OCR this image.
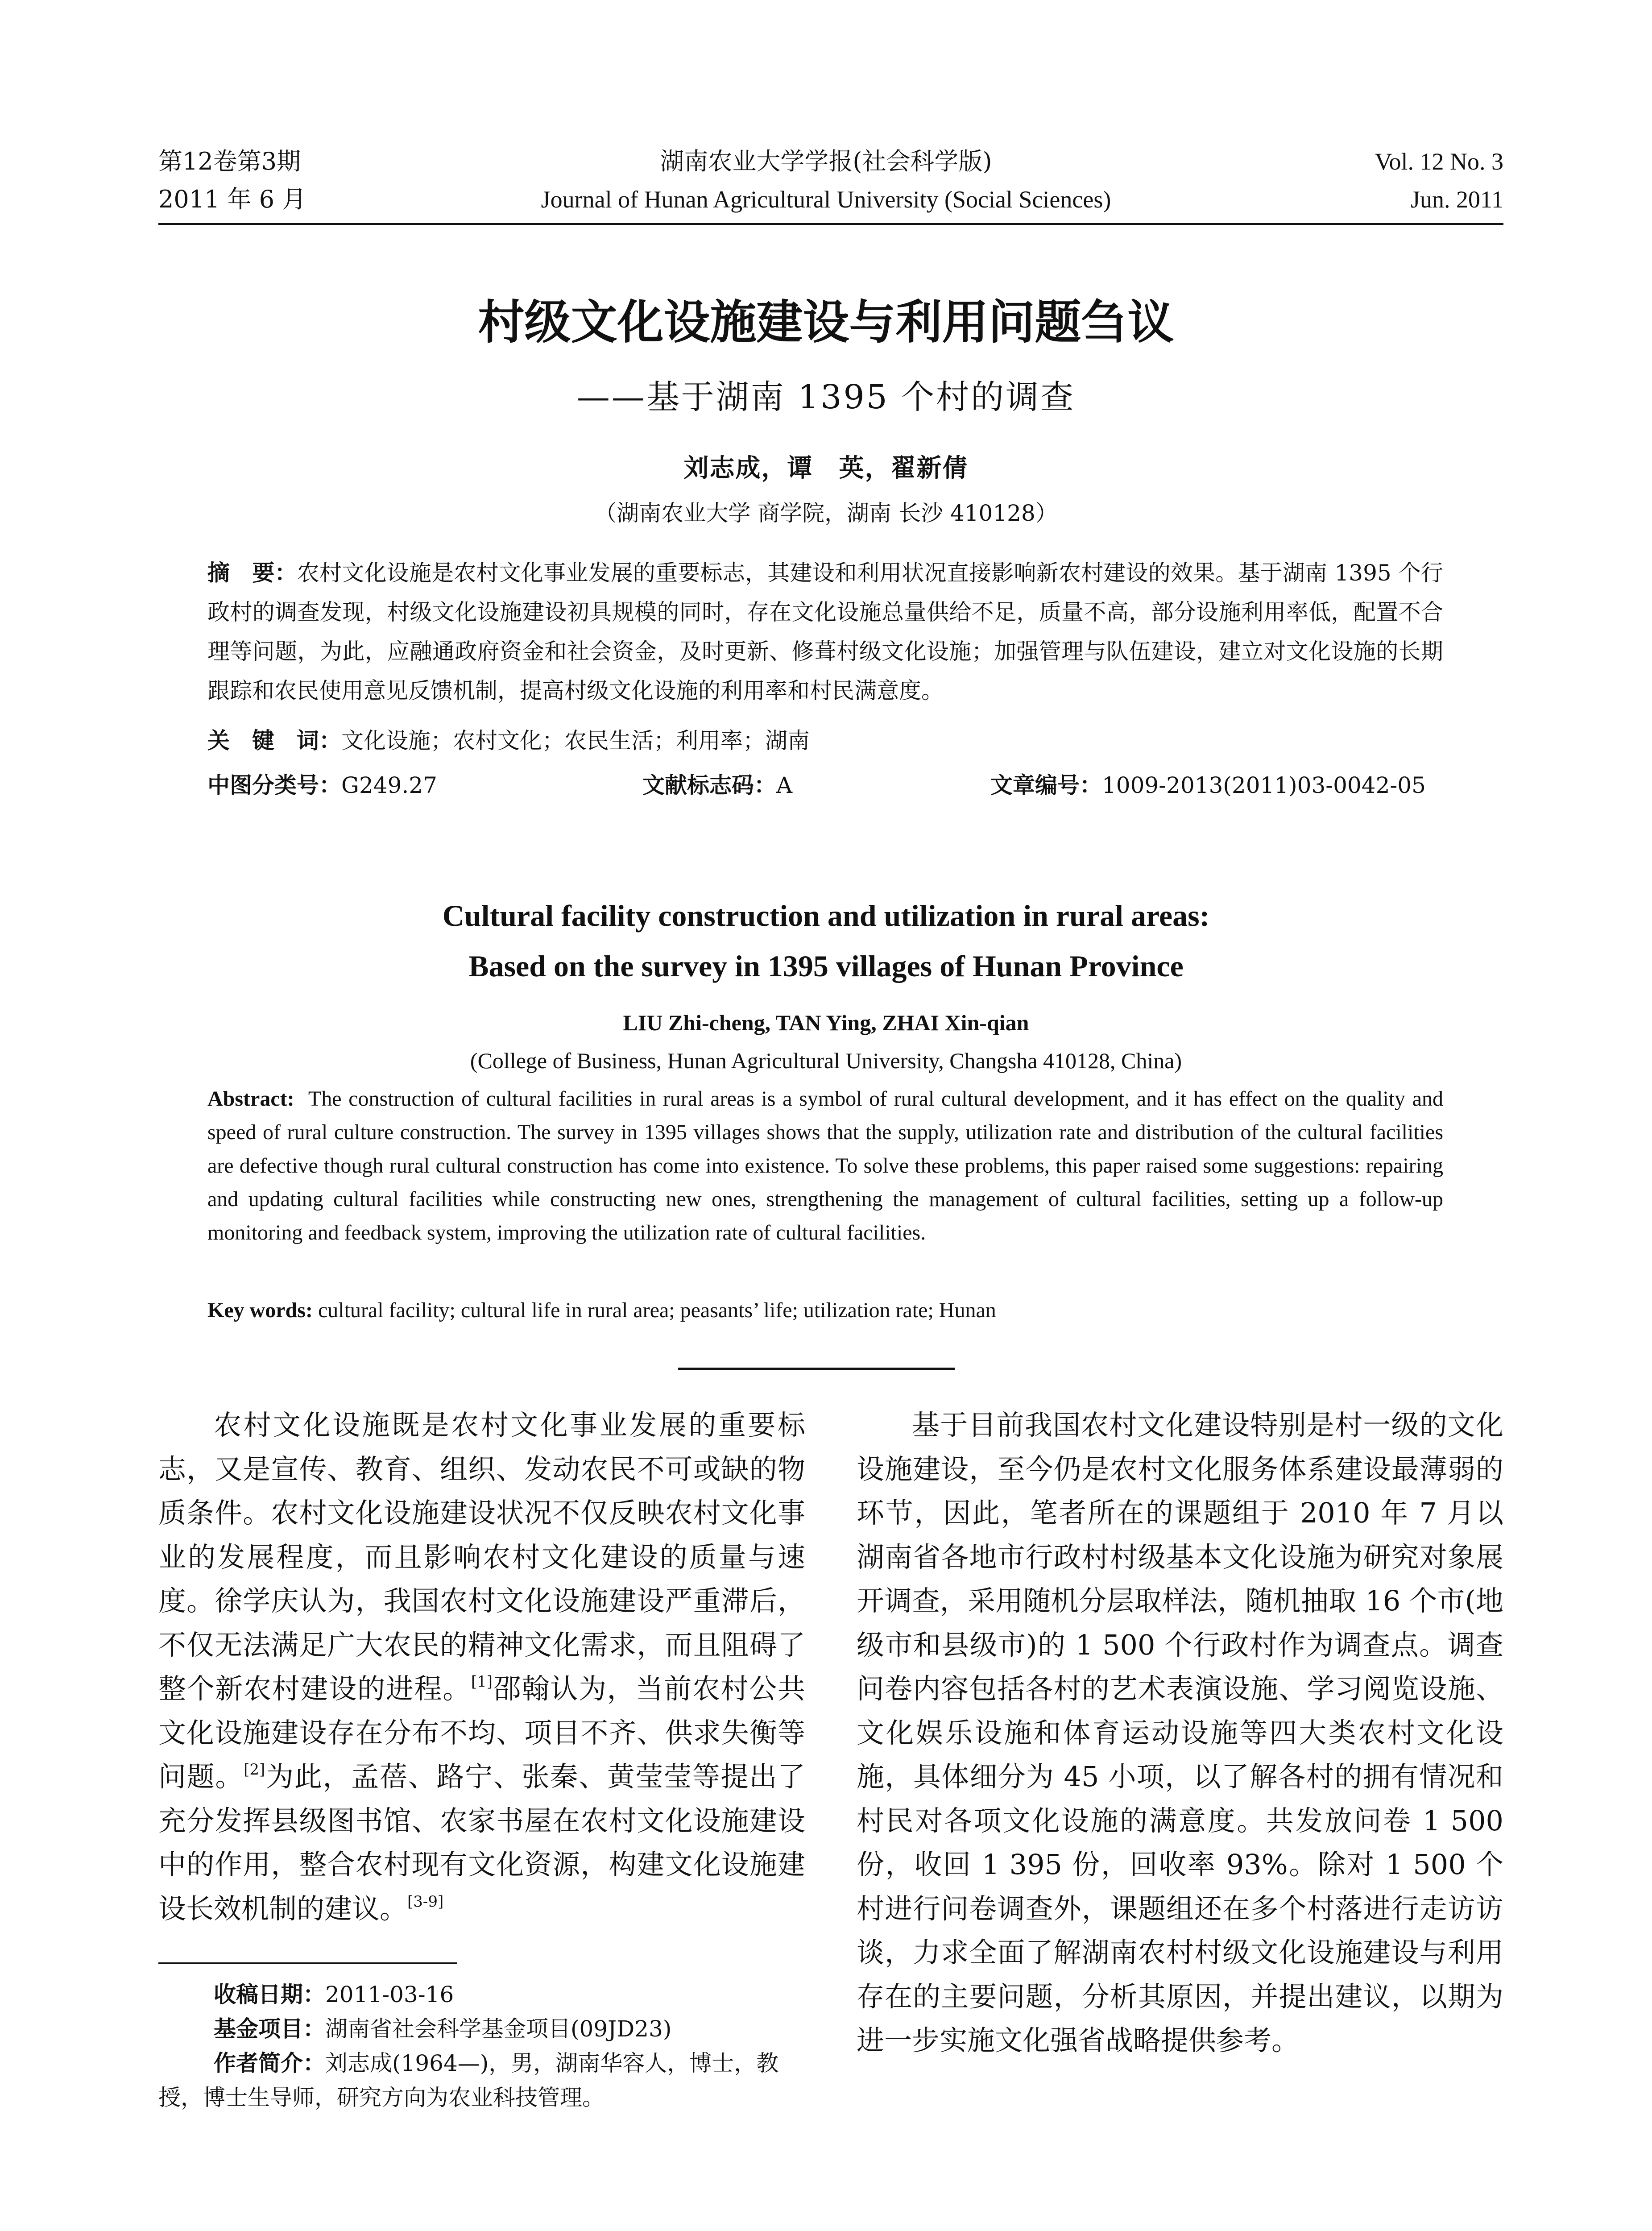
第12卷第3期
2011 年 6 月
湖南农业大学学报(社会科学版)
Journal of Hunan Agricultural University (Social Sciences)
Vol. 12 No. 3
Jun. 2011
村级文化设施建设与利用问题刍议
——基于湖南 1395 个村的调查
刘志成，谭　英，翟新倩
（湖南农业大学 商学院，湖南 长沙 410128）
摘　要：农村文化设施是农村文化事业发展的重要标志，其建设和利用状况直接影响新农村建设的效果。基于湖南 1395 个行政村的调查发现，村级文化设施建设初具规模的同时，存在文化设施总量供给不足，质量不高，部分设施利用率低，配置不合理等问题，为此，应融通政府资金和社会资金，及时更新、修葺村级文化设施；加强管理与队伍建设，建立对文化设施的长期跟踪和农民使用意见反馈机制，提高村级文化设施的利用率和村民满意度。
关　键　词：文化设施；农村文化；农民生活；利用率；湖南
中图分类号：G249.27	文献标志码：A	文章编号：1009-2013(2011)03-0042-05
Cultural facility construction and utilization in rural areas:
Based on the survey in 1395 villages of Hunan Province
LIU Zhi-cheng, TAN Ying, ZHAI Xin-qian
(College of Business, Hunan Agricultural University, Changsha 410128, China)
Abstract: The construction of cultural facilities in rural areas is a symbol of rural cultural development, and it has effect on the quality and speed of rural culture construction. The survey in 1395 villages shows that the supply, utilization rate and distribution of the cultural facilities are defective though rural cultural construction has come into existence. To solve these problems, this paper raised some suggestions: repairing and updating cultural facilities while constructing new ones, strengthening the management of cultural facilities, setting up a follow-up monitoring and feedback system, improving the utilization rate of cultural facilities.
Key words: cultural facility; cultural life in rural area; peasants’ life; utilization rate; Hunan

农村文化设施既是农村文化事业发展的重要标志，又是宣传、教育、组织、发动农民不可或缺的物质条件。农村文化设施建设状况不仅反映农村文化事业的发展程度，而且影响农村文化建设的质量与速度。徐学庆认为，我国农村文化设施建设严重滞后，不仅无法满足广大农民的精神文化需求，而且阻碍了整个新农村建设的进程。[1]邵翰认为，当前农村公共文化设施建设存在分布不均、项目不齐、供求失衡等问题。[2]为此，孟蓓、路宁、张秦、黄莹莹等提出了充分发挥县级图书馆、农家书屋在农村文化设施建设中的作用，整合农村现有文化资源，构建文化设施建设长效机制的建议。[3-9]

基于目前我国农村文化建设特别是村一级的文化设施建设，至今仍是农村文化服务体系建设最薄弱的环节，因此，笔者所在的课题组于 2010 年 7 月以湖南省各地市行政村村级基本文化设施为研究对象展开调查，采用随机分层取样法，随机抽取 16 个市(地级市和县级市)的 1 500 个行政村作为调查点。调查问卷内容包括各村的艺术表演设施、学习阅览设施、文化娱乐设施和体育运动设施等四大类农村文化设施，具体细分为 45 小项，以了解各村的拥有情况和村民对各项文化设施的满意度。共发放问卷 1 500 份，收回 1 395 份，回收率 93%。除对 1 500 个村进行问卷调查外，课题组还在多个村落进行走访访谈，力求全面了解湖南农村村级文化设施建设与利用存在的主要问题，分析其原因，并提出建议，以期为进一步实施文化强省战略提供参考。

收稿日期：2011-03-16
基金项目：湖南省社会科学基金项目(09JD23)
作者简介：刘志成(1964—)，男，湖南华容人，博士，教授，博士生导师，研究方向为农业科技管理。
